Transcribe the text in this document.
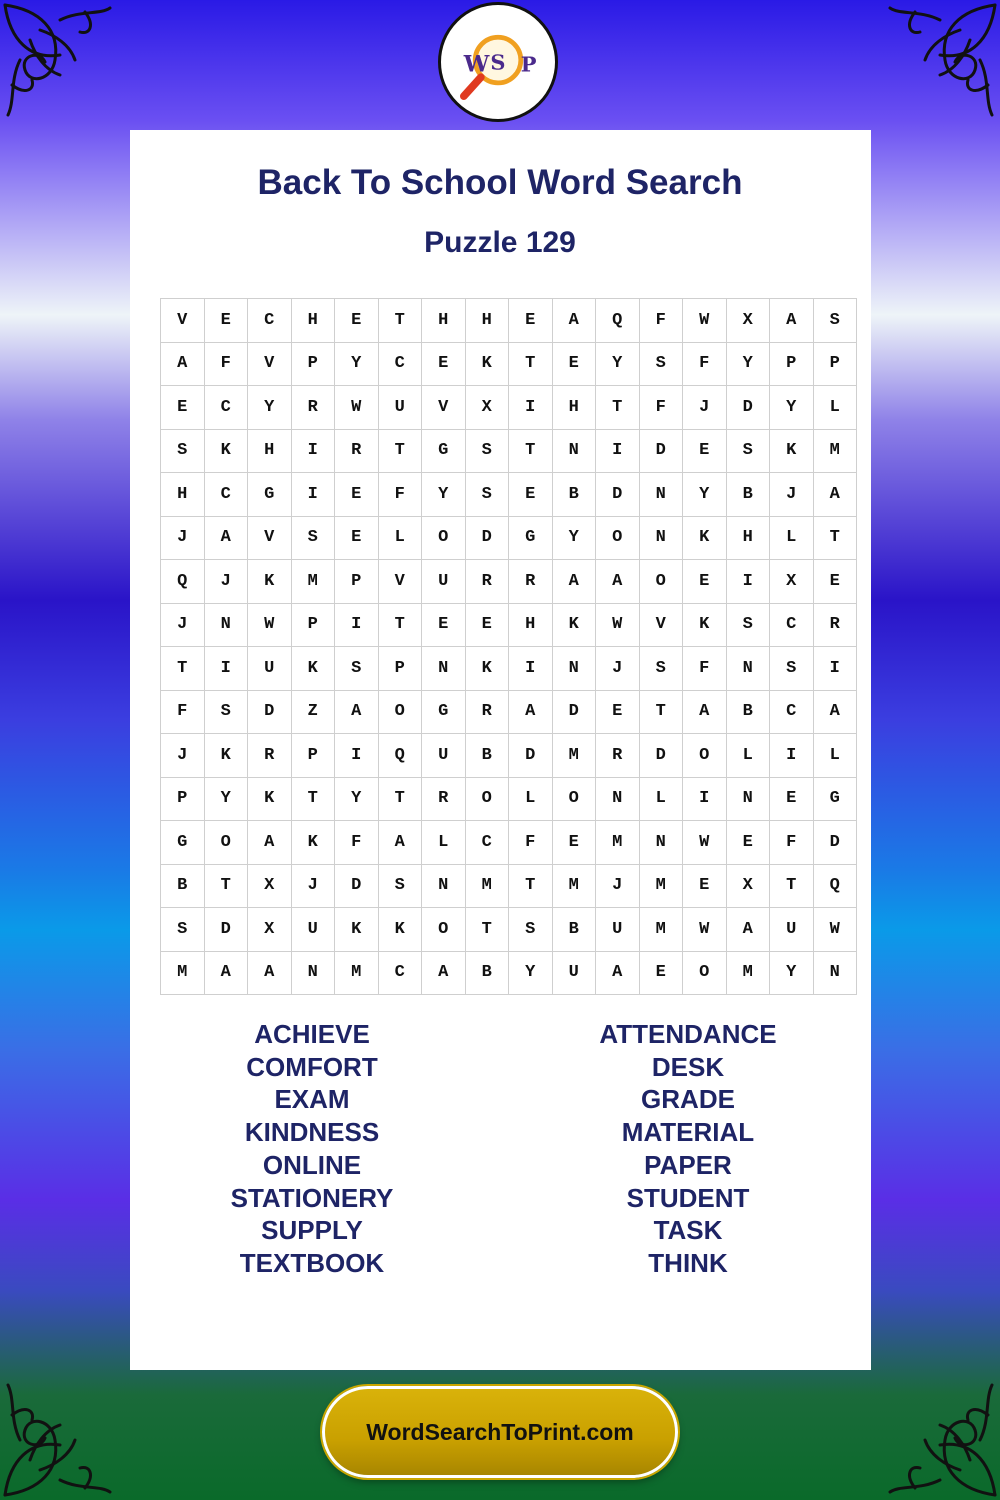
W S P
Back To School Word Search
Puzzle 129
V	E	C	H	E	T	H	H	E	A	Q	F	W	X	A	S
A	F	V	P	Y	C	E	K	T	E	Y	S	F	Y	P	P
E	C	Y	R	W	U	V	X	I	H	T	F	J	D	Y	L
S	K	H	I	R	T	G	S	T	N	I	D	E	S	K	M
H	C	G	I	E	F	Y	S	E	B	D	N	Y	B	J	A
J	A	V	S	E	L	O	D	G	Y	O	N	K	H	L	T
Q	J	K	M	P	V	U	R	R	A	A	O	E	I	X	E
J	N	W	P	I	T	E	E	H	K	W	V	K	S	C	R
T	I	U	K	S	P	N	K	I	N	J	S	F	N	S	I
F	S	D	Z	A	O	G	R	A	D	E	T	A	B	C	A
J	K	R	P	I	Q	U	B	D	M	R	D	O	L	I	L
P	Y	K	T	Y	T	R	O	L	O	N	L	I	N	E	G
G	O	A	K	F	A	L	C	F	E	M	N	W	E	F	D
B	T	X	J	D	S	N	M	T	M	J	M	E	X	T	Q
S	D	X	U	K	K	O	T	S	B	U	M	W	A	U	W
M	A	A	N	M	C	A	B	Y	U	A	E	O	M	Y	N
ACHIEVE
COMFORT
EXAM
KINDNESS
ONLINE
STATIONERY
SUPPLY
TEXTBOOK
ATTENDANCE
DESK
GRADE
MATERIAL
PAPER
STUDENT
TASK
THINK
WordSearchToPrint.com
